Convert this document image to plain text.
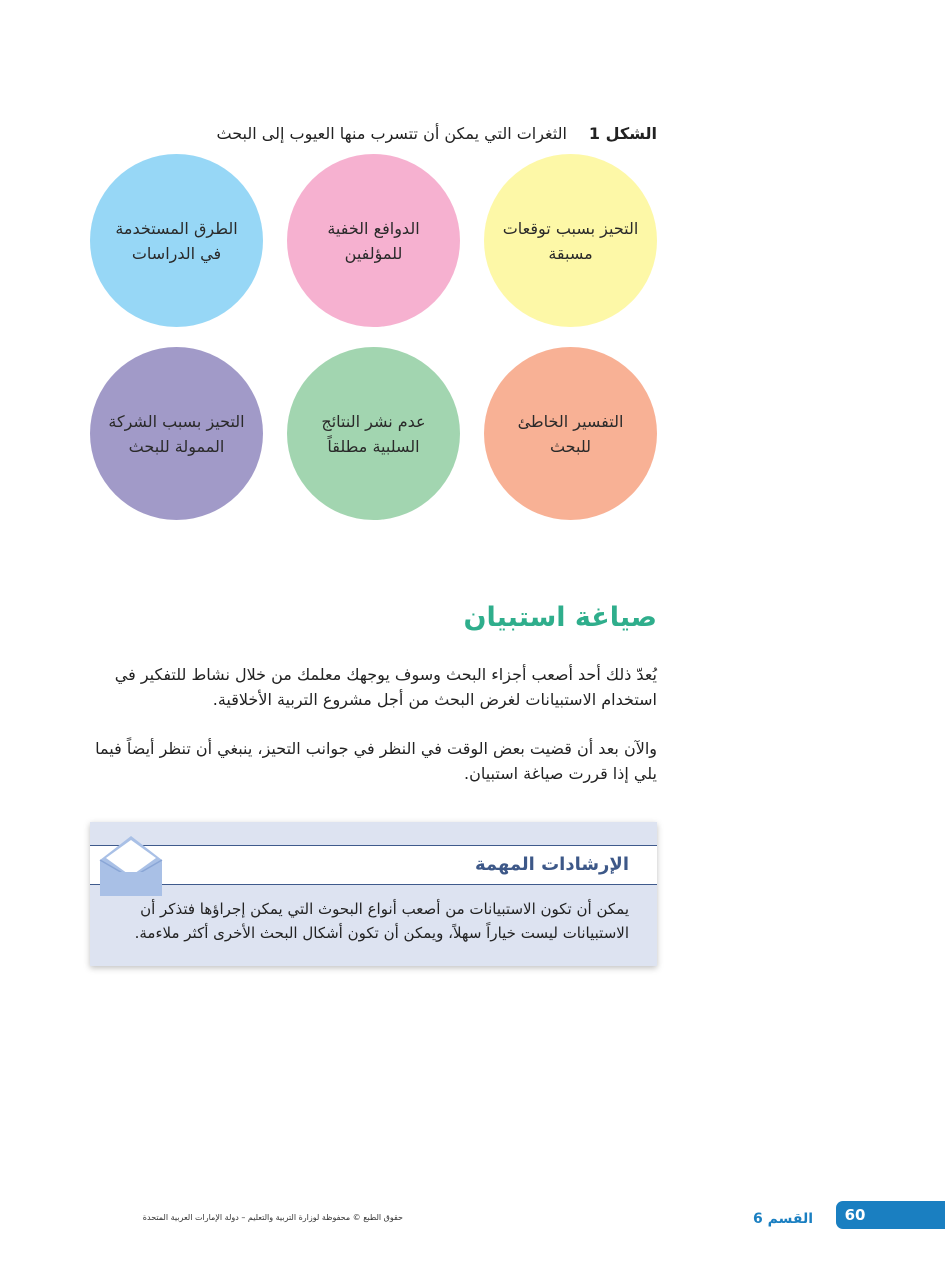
الشكل 1الثغرات التي يمكن أن تتسرب منها العيوب إلى البحث
التحيز بسبب توقعات مسبقة
الدوافع الخفية للمؤلفين
الطرق المستخدمة في الدراسات
التفسير الخاطئ للبحث
عدم نشر النتائج السلبية مطلقاً
التحيز بسبب الشركة الممولة للبحث
صياغة استبيان
يُعدّ ذلك أحد أصعب أجزاء البحث وسوف يوجهك معلمك من خلال نشاط للتفكير في استخدام الاستبيانات لغرض البحث من أجل مشروع التربية الأخلاقية.
والآن بعد أن قضيت بعض الوقت في النظر في جوانب التحيز، ينبغي أن تنظر أيضاً فيما يلي إذا قررت صياغة استبيان.
الإرشادات المهمة
يمكن أن تكون الاستبيانات من أصعب أنواع البحوث التي يمكن إجراؤها فتذكر أن الاستبيانات ليست خياراً سهلاً، ويمكن أن تكون أشكال البحث الأخرى أكثر ملاءمة.
60
القسم 6
حقوق الطبع © محفوظة لوزارة التربية والتعليم – دولة الإمارات العربية المتحدة
